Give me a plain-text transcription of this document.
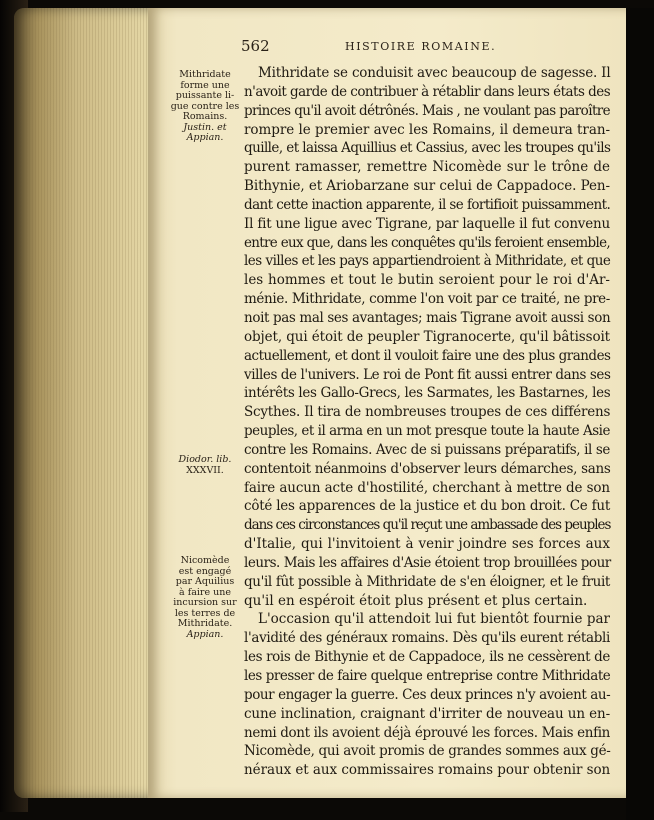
562	HISTOIRE ROMAINE.
Mithridate
forme une
puissante li-
gue contre les
Romains.
Justin. et
Appian.
Diodor. lib.
XXXVII.
Nicomède
est engagé
par Aquilius
à faire une
incursion sur
les terres de
Mithridate.
Appian.
Mithridate se conduisit avec beaucoup de sagesse. Il
n'avoit garde de contribuer à rétablir dans leurs états des
princes qu'il avoit détrônés. Mais , ne voulant pas paroître
rompre le premier avec les Romains, il demeura tran-
quille, et laissa Aquillius et Cassius, avec les troupes qu'ils
purent ramasser, remettre Nicomède sur le trône de
Bithynie, et Ariobarzane sur celui de Cappadoce. Pen-
dant cette inaction apparente, il se fortifioit puissamment.
Il fit une ligue avec Tigrane, par laquelle il fut convenu
entre eux que, dans les conquêtes qu'ils feroient ensemble,
les villes et les pays appartiendroient à Mithridate, et que
les hommes et tout le butin seroient pour le roi d'Ar-
ménie. Mithridate, comme l'on voit par ce traité, ne pre-
noit pas mal ses avantages; mais Tigrane avoit aussi son
objet, qui étoit de peupler Tigranocerte, qu'il bâtissoit
actuellement, et dont il vouloit faire une des plus grandes
villes de l'univers. Le roi de Pont fit aussi entrer dans ses
intérêts les Gallo-Grecs, les Sarmates, les Bastarnes, les
Scythes. Il tira de nombreuses troupes de ces différens
peuples, et il arma en un mot presque toute la haute Asie
contre les Romains. Avec de si puissans préparatifs, il se
contentoit néanmoins d'observer leurs démarches, sans
faire aucun acte d'hostilité, cherchant à mettre de son
côté les apparences de la justice et du bon droit. Ce fut
dans ces circonstances qu'il reçut une ambassade des peuples
d'Italie, qui l'invitoient à venir joindre ses forces aux
leurs. Mais les affaires d'Asie étoient trop brouillées pour
qu'il fût possible à Mithridate de s'en éloigner, et le fruit
qu'il en espéroit étoit plus présent et plus certain.
L'occasion qu'il attendoit lui fut bientôt fournie par
l'avidité des généraux romains. Dès qu'ils eurent rétabli
les rois de Bithynie et de Cappadoce, ils ne cessèrent de
les presser de faire quelque entreprise contre Mithridate
pour engager la guerre. Ces deux princes n'y avoient au-
cune inclination, craignant d'irriter de nouveau un en-
nemi dont ils avoient déjà éprouvé les forces. Mais enfin
Nicomède, qui avoit promis de grandes sommes aux gé-
néraux et aux commissaires romains pour obtenir son
